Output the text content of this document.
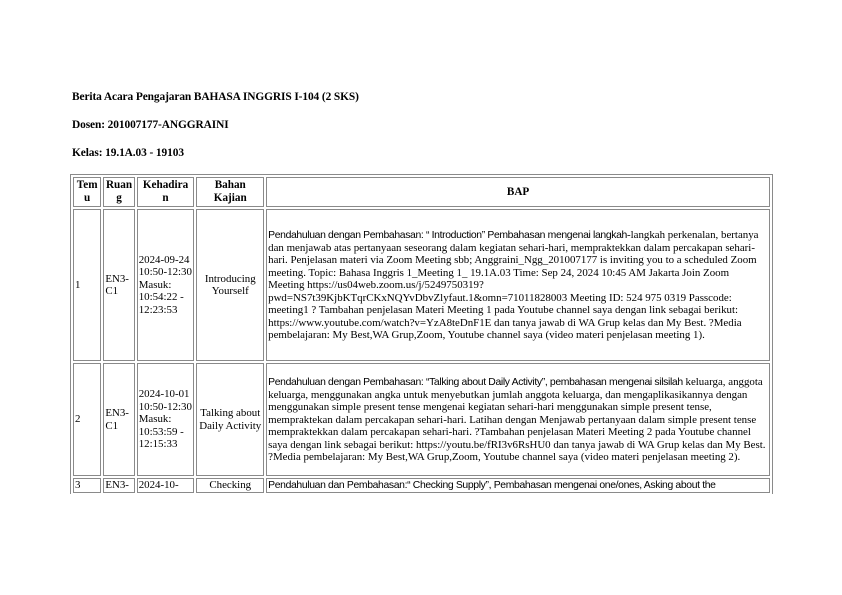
Berita Acara Pengajaran BAHASA INGGRIS I-104 (2 SKS)
Dosen: 201007177-ANGGRAINI
Kelas: 19.1A.03 - 19103
Tem u	Ruan g	Kehadira n	Bahan Kajian	BAP
1	EN3-C1	2024-09-24 10:50-12:30 Masuk: 10:54:22 - 12:23:53	Introducing Yourself	Pendahuluan dengan Pembahasan: “ Introduction” Pembahasan mengenai langkah-langkah perkenalan, bertanya dan menjawab atas pertanyaan seseorang dalam kegiatan sehari-hari, mempraktekkan dalam percakapan sehari-hari. Penjelasan materi via Zoom Meeting sbb; Anggraini_Ngg_201007177 is inviting you to a scheduled Zoom meeting. Topic: Bahasa Inggris 1_Meeting 1_ 19.1A.03 Time: Sep 24, 2024 10:45 AM Jakarta Join Zoom Meeting https://us04web.zoom.us/j/5249750319?pwd=NS7t39KjbKTqrCKxNQYvDbvZlyfaut.1&omn=71011828003 Meeting ID: 524 975 0319 Passcode: meeting1 ? Tambahan penjelasan Materi Meeting 1 pada Youtube channel saya dengan link sebagai berikut: https://www.youtube.com/watch?v=YzA8teDnF1E dan tanya jawab di WA Grup kelas dan My Best. ?Media pembelajaran: My Best,WA Grup,Zoom, Youtube channel saya (video materi penjelasan meeting 1).
2	EN3-C1	2024-10-01 10:50-12:30 Masuk: 10:53:59 - 12:15:33	Talking about Daily Activity	Pendahuluan dengan Pembahasan: “Talking about Daily Activity”, pembahasan mengenai silsilah keluarga, anggota keluarga, menggunakan angka untuk menyebutkan jumlah anggota keluarga, dan mengaplikasikannya dengan menggunakan simple present tense mengenai kegiatan sehari-hari menggunakan simple present tense, mempraktekan dalam percakapan sehari-hari. Latihan dengan Menjawab pertanyaan dalam simple present tense mempraktekkan dalam percakapan sehari-hari. ?Tambahan penjelasan Materi Meeting 2 pada Youtube channel saya dengan link sebagai berikut: https://youtu.be/fRI3v6RsHU0 dan tanya jawab di WA Grup kelas dan My Best. ?Media pembelajaran: My Best,WA Grup,Zoom, Youtube channel saya (video materi penjelasan meeting 2).
3	EN3-	2024-10-	Checking	Pendahuluan dan Pembahasan:“ Checking Supply”, Pembahasan mengenai one/ones, Asking about the
